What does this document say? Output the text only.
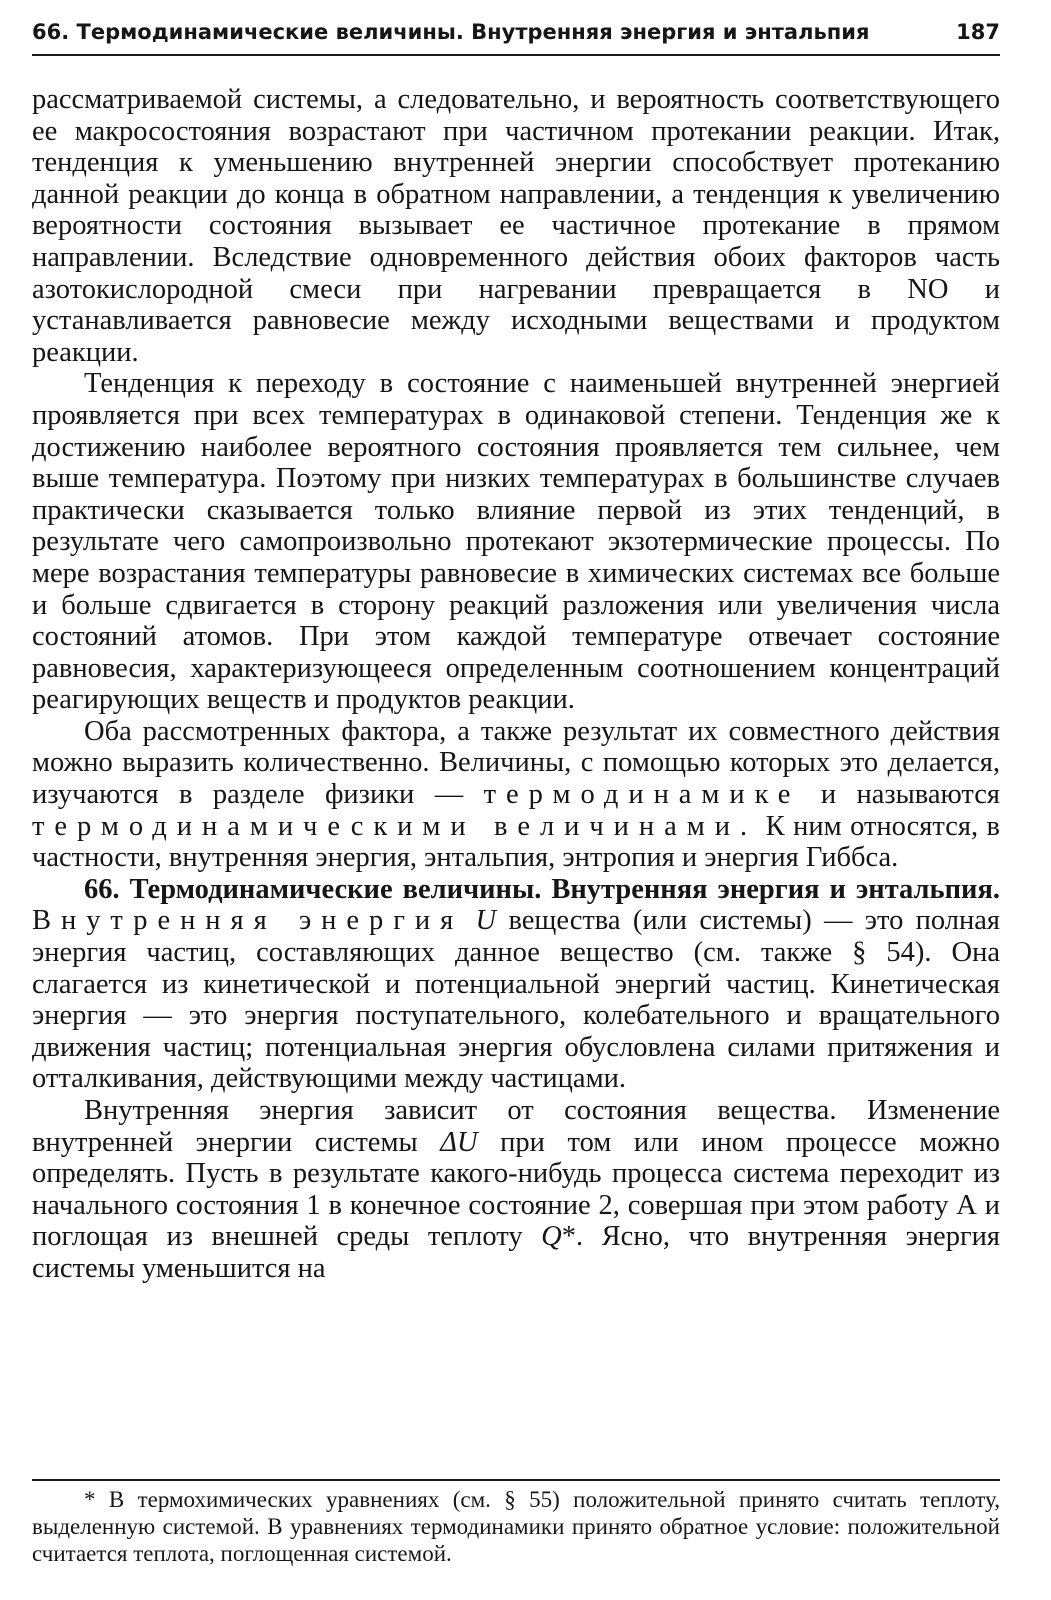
66. Термодинамические величины. Внутренняя энергия и энтальпия	187

рассматриваемой системы, а следовательно, и вероятность соответствующего ее макросостояния возрастают при частичном протекании реакции. Итак, тенденция к уменьшению внутренней энергии способствует протеканию данной реакции до конца в обратном направлении, а тенденция к увеличению вероятности состояния вызывает ее частичное протекание в прямом направлении. Вследствие одновременного действия обоих факторов часть азотокислородной смеси при нагревании превращается в NO и устанавливается равновесие между исходными веществами и продуктом реакции.

Тенденция к переходу в состояние с наименьшей внутренней энергией проявляется при всех температурах в одинаковой степени. Тенденция же к достижению наиболее вероятного состояния проявляется тем сильнее, чем выше температура. Поэтому при низких температурах в большинстве случаев практически сказывается только влияние первой из этих тенденций, в результате чего самопроизвольно протекают экзотермические процессы. По мере возрастания температуры равновесие в химических системах все больше и больше сдвигается в сторону реакций разложения или увеличения числа состояний атомов. При этом каждой температуре отвечает состояние равновесия, характеризующееся определенным соотношением концентраций реагирующих веществ и продуктов реакции.

Оба рассмотренных фактора, а также результат их совместного действия можно выразить количественно. Величины, с помощью которых это делается, изучаются в разделе физики — термодинамике и называются термодинамическими величинами. К ним относятся, в частности, внутренняя энергия, энтальпия, энтропия и энергия Гиббса.

66. Термодинамические величины. Внутренняя энергия и энтальпия. Внутренняя энергия U вещества (или системы) — это полная энергия частиц, составляющих данное вещество (см. также § 54). Она слагается из кинетической и потенциальной энергий частиц. Кинетическая энергия — это энергия поступательного, колебательного и вращательного движения частиц; потенциальная энергия обусловлена силами притяжения и отталкивания, действующими между частицами.

Внутренняя энергия зависит от состояния вещества. Изменение внутренней энергии системы ΔU при том или ином процессе можно определять. Пусть в результате какого-нибудь процесса система переходит из начального состояния 1 в конечное состояние 2, совершая при этом работу А и поглощая из внешней среды теплоту Q*. Ясно, что внутренняя энергия системы уменьшится на

* В термохимических уравнениях (см. § 55) положительной принято считать теплоту, выделенную системой. В уравнениях термодинамики принято обратное условие: положительной считается теплота, поглощенная системой.
